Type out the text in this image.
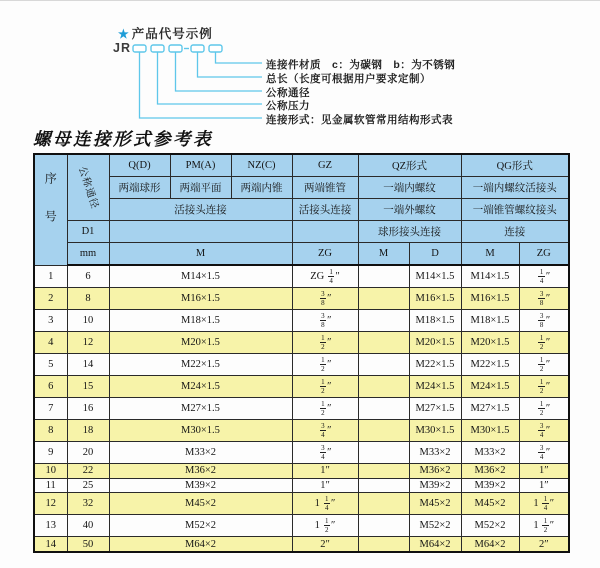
★ 产品代号示例
JR
连接件材质　c：为碳钢　b：为不锈钢
总长（长度可根据用户要求定制）
公称通径
公称压力
连接形式：见金属软管常用结构形式表
螺母连接形式参考表
序号	公称通径	Q(D)	PM(A)	NZ(C)	GZ	QZ形式		QG形式	
		两端球形	两端平面	两端内锥	两端锥管	一端内螺纹		一端内螺纹活接头	
		活接头连接			活接头连接	一端外螺纹		一端锥管螺纹接头	
	D1					球形接头连接		连接	
	mm	M			ZG	M	D	M	ZG
1	6	M14×1.5			ZG $\frac{1}{4}$ ″		M14×1.5	M14×1.5	$\frac{1}{4}$ ″
2	8	M16×1.5			$\frac{3}{8}$ ″		M16×1.5	M16×1.5	$\frac{3}{8}$ ″
3	10	M18×1.5			$\frac{3}{8}$ ″		M18×1.5	M18×1.5	$\frac{3}{8}$ ″
4	12	M20×1.5			$\frac{1}{2}$ ″		M20×1.5	M20×1.5	$\frac{1}{2}$ ″
5	14	M22×1.5			$\frac{1}{2}$ ″		M22×1.5	M22×1.5	$\frac{1}{2}$ ″
6	15	M24×1.5			$\frac{1}{2}$ ″		M24×1.5	M24×1.5	$\frac{1}{2}$ ″
7	16	M27×1.5			$\frac{1}{2}$ ″		M27×1.5	M27×1.5	$\frac{1}{2}$ ″
8	18	M30×1.5			$\frac{3}{4}$ ″		M30×1.5	M30×1.5	$\frac{3}{4}$ ″
9	20	M33×2			$\frac{3}{4}$ ″		M33×2	M33×2	$\frac{3}{4}$ ″
10	22	M36×2			1″		M36×2	M36×2	1″
11	25	M39×2			1″		M39×2	M39×2	1″
12	32	M45×2			$1 \frac{1}{4}$ ″		M45×2	M45×2	$1 \frac{1}{4}$ ″
13	40	M52×2			$1 \frac{1}{2}$ ″		M52×2	M52×2	$1 \frac{1}{2}$ ″
14	50	M64×2			2″		M64×2	M64×2	2″
